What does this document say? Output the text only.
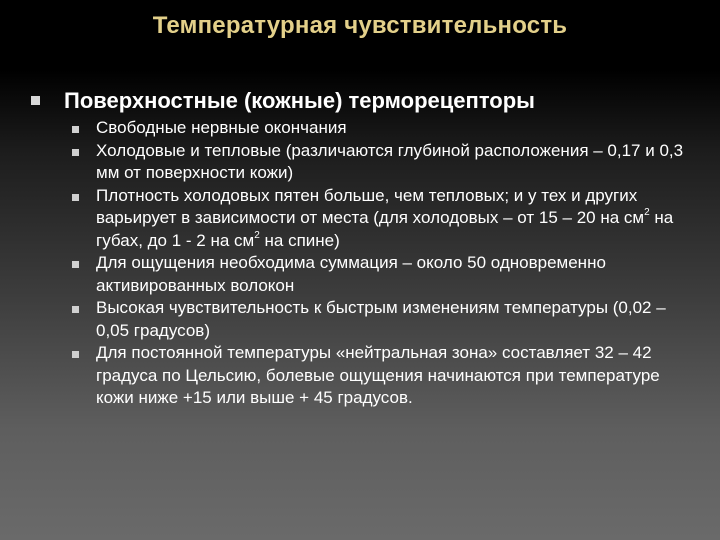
Температурная чувствительность
Поверхностные (кожные) терморецепторы
Свободные нервные окончания
Холодовые и тепловые (различаются глубиной расположения – 0,17 и 0,3 мм от поверхности кожи)
Плотность холодовых пятен больше, чем тепловых; и у тех и других варьирует в зависимости от места (для холодовых – от 15 – 20 на $см^2$ на губах, до 1 - 2 на $см^2$ на спине)
Для ощущения необходима суммация – около 50 одновременно активированных волокон
Высокая чувствительность к быстрым изменениям температуры (0,02 – 0,05 градусов)
Для постоянной температуры «нейтральная зона» составляет 32 – 42 градуса по Цельсию, болевые ощущения начинаются при температуре кожи ниже +15 или выше + 45 градусов.
